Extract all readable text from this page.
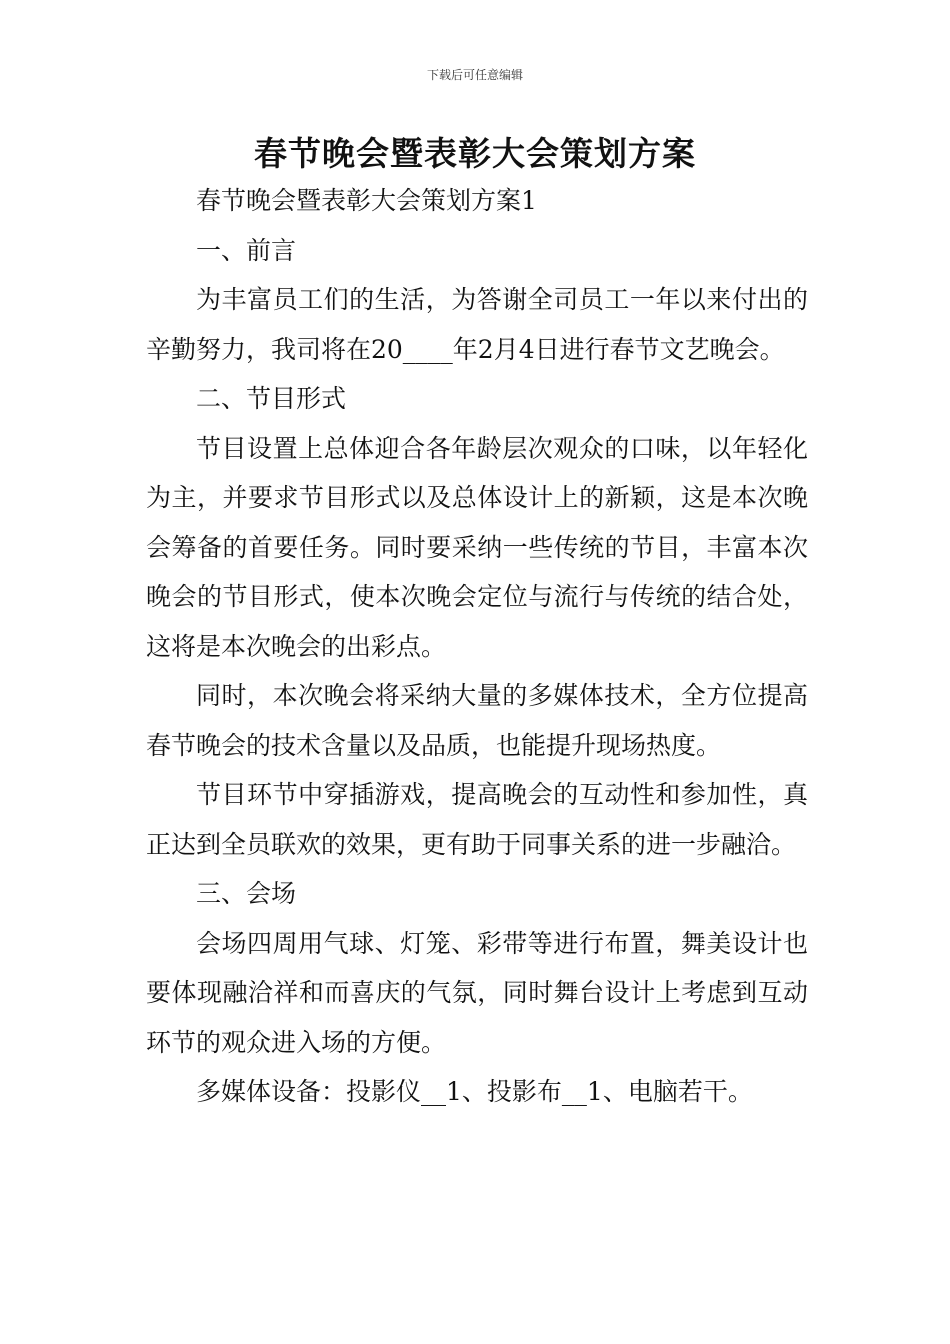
下载后可任意编辑
春节晚会暨表彰大会策划方案

春节晚会暨表彰大会策划方案1

一、前言

为丰富员工们的生活，为答谢全司员工一年以来付出的辛勤努力，我司将在20____年2月4日进行春节文艺晚会。

二、节目形式

节目设置上总体迎合各年龄层次观众的口味，以年轻化为主，并要求节目形式以及总体设计上的新颖，这是本次晚会筹备的首要任务。同时要采纳一些传统的节目，丰富本次晚会的节目形式，使本次晚会定位与流行与传统的结合处，这将是本次晚会的出彩点。

同时，本次晚会将采纳大量的多媒体技术，全方位提高春节晚会的技术含量以及品质，也能提升现场热度。

节目环节中穿插游戏，提高晚会的互动性和参加性，真正达到全员联欢的效果，更有助于同事关系的进一步融洽。

三、会场

会场四周用气球、灯笼、彩带等进行布置，舞美设计也要体现融洽祥和而喜庆的气氛，同时舞台设计上考虑到互动环节的观众进入场的方便。

多媒体设备：投影仪__1、投影布__1、电脑若干。
